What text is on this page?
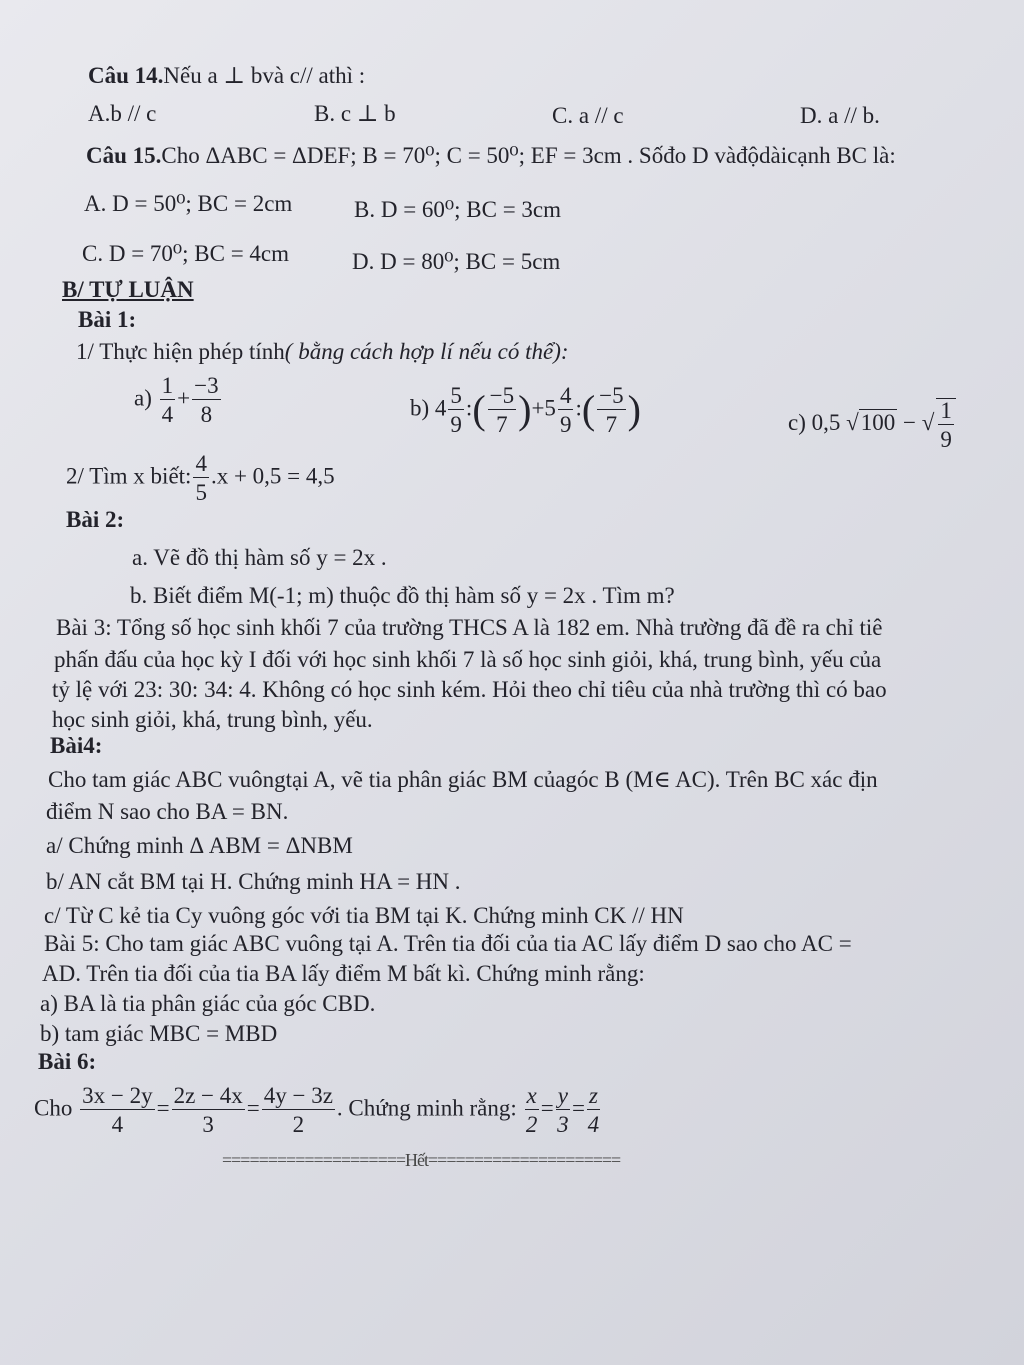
Câu 14.Nếu a ⊥ bvà c// athì :
A.b // c	B. c ⊥ b	C. a // c	D. a // b.
Câu 15.Cho ΔABC = ΔDEF; B = 70⁰; C = 50⁰; EF = 3cm . Sốđo D vàđộdàicạnh BC là:
A. D = 50⁰; BC = 2cm	B. D = 60⁰; BC = 3cm
C. D = 70⁰; BC = 4cm	D. D = 80⁰; BC = 5cm
B/ TỰ LUẬN
Bài 1:
1/ Thực hiện phép tính( bằng cách hợp lí nếu có thể):
$a) \frac{1}{4} + \frac{-3}{8}$	b) $4 \frac{5}{9}$ :( $\frac{-5}{7} )+5 \frac{4}{9}$ :( $\frac{-5}{7}$ )	c) 0,5 √100 − √ $\frac{1}{9}$
2/ Tìm x biết: $\frac{4}{5} .x + 0,5 = 4,5$
Bài 2:
a. Vẽ đồ thị hàm số y = 2x .
b. Biết điểm M(-1; m) thuộc đồ thị hàm số y = 2x . Tìm m?
Bài 3: Tổng số học sinh khối 7 của trường THCS A là 182 em. Nhà trường đã đề ra chỉ tiê
phấn đấu của học kỳ I đối với học sinh khối 7 là số học sinh giỏi, khá, trung bình, yếu của
tỷ lệ với 23: 30: 34: 4. Không có học sinh kém. Hỏi theo chỉ tiêu của nhà trường thì có bao
học sinh giỏi, khá, trung bình, yếu.
Bài4:
Cho tam giác ABC vuôngtại A, vẽ tia phân giác BM củagóc B (M∈ AC). Trên BC xác địn
điểm N sao cho BA = BN.
a/ Chứng minh Δ ABM = ΔNBM
b/ AN cắt BM tại H. Chứng minh HA = HN .
c/ Từ C kẻ tia Cy vuông góc với tia BM tại K. Chứng minh CK // HN
Bài 5: Cho tam giác ABC vuông tại A. Trên tia đối của tia AC lấy điểm D sao cho AC =
AD. Trên tia đối của tia BA lấy điểm M bất kì. Chứng minh rằng:
a) BA là tia phân giác của góc CBD.
b) tam giác MBC = MBD
Bài 6:
Cho $\frac{3x - 2y}{4} = \frac{2z - 4x}{3} = \frac{4y - 3z}{2}$ . Chứng minh rằng: $\frac{x}{2} = \frac{y}{3} = \frac{z}{4}$
====================Hết=====================
